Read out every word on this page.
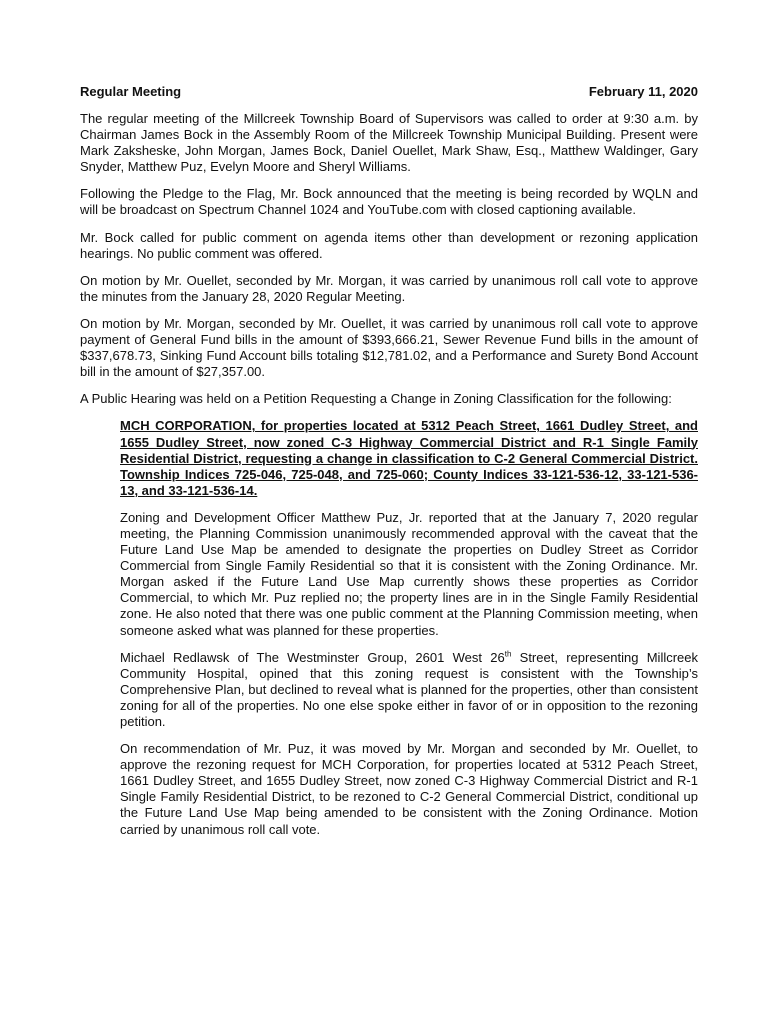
Regular Meeting	February 11, 2020

The regular meeting of the Millcreek Township Board of Supervisors was called to order at 9:30 a.m. by Chairman James Bock in the Assembly Room of the Millcreek Township Municipal Building. Present were Mark Zaksheske, John Morgan, James Bock, Daniel Ouellet, Mark Shaw, Esq., Matthew Waldinger, Gary Snyder, Matthew Puz, Evelyn Moore and Sheryl Williams.

Following the Pledge to the Flag, Mr. Bock announced that the meeting is being recorded by WQLN and will be broadcast on Spectrum Channel 1024 and YouTube.com with closed captioning available.

Mr. Bock called for public comment on agenda items other than development or rezoning application hearings. No public comment was offered.

On motion by Mr. Ouellet, seconded by Mr. Morgan, it was carried by unanimous roll call vote to approve the minutes from the January 28, 2020 Regular Meeting.

On motion by Mr. Morgan, seconded by Mr. Ouellet, it was carried by unanimous roll call vote to approve payment of General Fund bills in the amount of $393,666.21, Sewer Revenue Fund bills in the amount of $337,678.73, Sinking Fund Account bills totaling $12,781.02, and a Performance and Surety Bond Account bill in the amount of $27,357.00.

A Public Hearing was held on a Petition Requesting a Change in Zoning Classification for the following:

MCH CORPORATION, for properties located at 5312 Peach Street, 1661 Dudley Street, and 1655 Dudley Street, now zoned C-3 Highway Commercial District and R-1 Single Family Residential District, requesting a change in classification to C-2 General Commercial District. Township Indices 725-046, 725-048, and 725-060; County Indices 33-121-536-12, 33-121-536-13, and 33-121-536-14.

Zoning and Development Officer Matthew Puz, Jr. reported that at the January 7, 2020 regular meeting, the Planning Commission unanimously recommended approval with the caveat that the Future Land Use Map be amended to designate the properties on Dudley Street as Corridor Commercial from Single Family Residential so that it is consistent with the Zoning Ordinance. Mr. Morgan asked if the Future Land Use Map currently shows these properties as Corridor Commercial, to which Mr. Puz replied no; the property lines are in in the Single Family Residential zone. He also noted that there was one public comment at the Planning Commission meeting, when someone asked what was planned for these properties.

Michael Redlawsk of The Westminster Group, 2601 West 26th Street, representing Millcreek Community Hospital, opined that this zoning request is consistent with the Township’s Comprehensive Plan, but declined to reveal what is planned for the properties, other than consistent zoning for all of the properties. No one else spoke either in favor of or in opposition to the rezoning petition.

On recommendation of Mr. Puz, it was moved by Mr. Morgan and seconded by Mr. Ouellet, to approve the rezoning request for MCH Corporation, for properties located at 5312 Peach Street, 1661 Dudley Street, and 1655 Dudley Street, now zoned C-3 Highway Commercial District and R-1 Single Family Residential District, to be rezoned to C-2 General Commercial District, conditional up the Future Land Use Map being amended to be consistent with the Zoning Ordinance. Motion carried by unanimous roll call vote.
